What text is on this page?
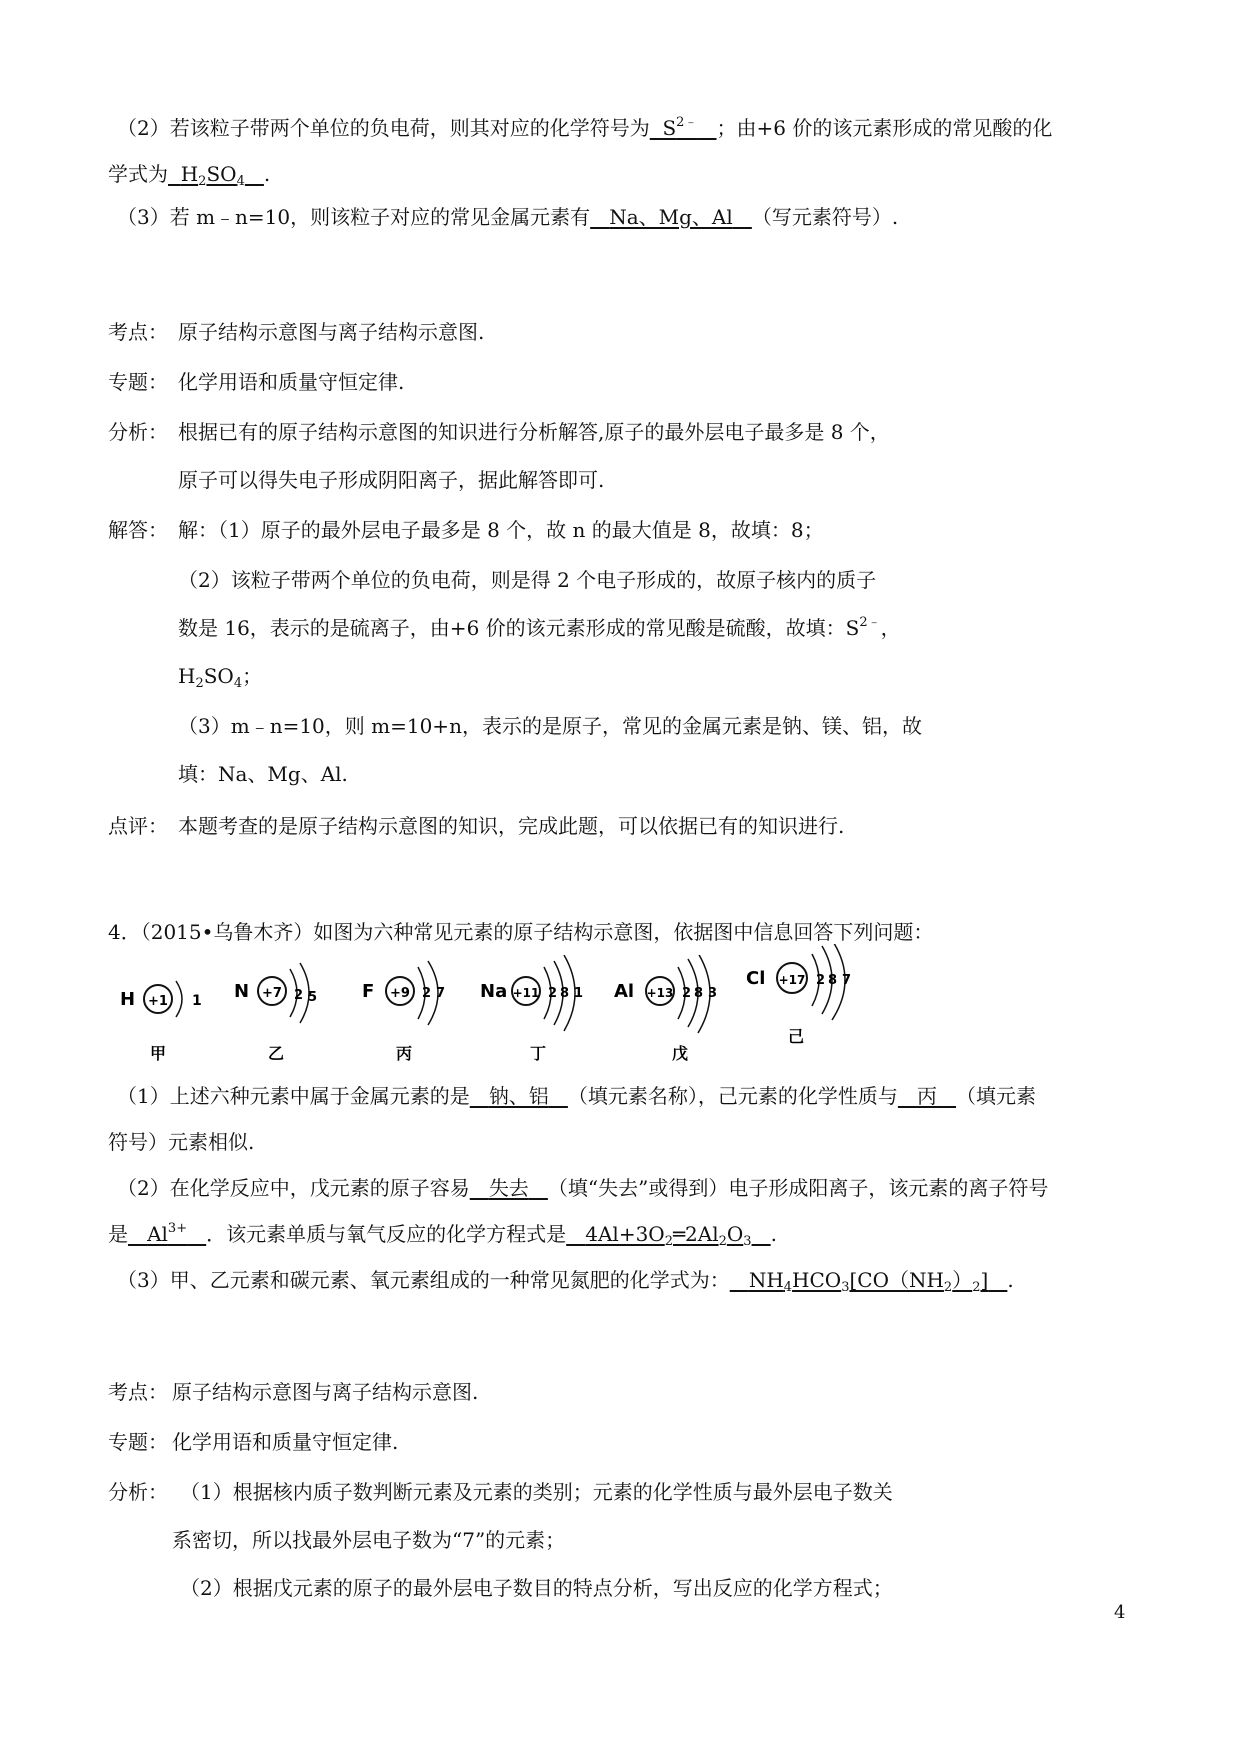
（2）若该粒子带两个单位的负电荷，则其对应的化学符号为 $S^{2﹣}$ ；由+6 价的该元素形成的常见酸的化
学式为 $H_2SO_4$ .
（3）若 m﹣n=10，则该粒子对应的常见金属元素有 Na、Mg、Al （写元素符号）.
考点： 原子结构示意图与离子结构示意图.
专题： 化学用语和质量守恒定律.
分析： 根据已有的原子结构示意图的知识进行分析解答,原子的最外层电子最多是 8 个，
原子可以得失电子形成阴阳离子，据此解答即可.
解答： 解：（1）原子的最外层电子最多是 8 个，故 n 的最大值是 8，故填：8；
（2）该粒子带两个单位的负电荷，则是得 2 个电子形成的，故原子核内的质子
数是 16，表示的是硫离子，由+6 价的该元素形成的常见酸是硫酸，故填：$S^{2﹣}$，
$H_2SO_4$；
（3）m﹣n=10，则 m=10+n，表示的是原子，常见的金属元素是钠、镁、铝，故
填：Na、Mg、Al.
点评： 本题考查的是原子结构示意图的知识，完成此题，可以依据已有的知识进行.
4．（2015•乌鲁木齐）如图为六种常见元素的原子结构示意图，依据图中信息回答下列问题：
H +1 1
甲
N +7 2 5
乙
F +9 2 7
丙
Na +11 2 8 1
丁
Al +13 2 8 3
戊
Cl +17 2 8 7
己
（1）上述六种元素中属于金属元素的是 钠、铝 （填元素名称），己元素的化学性质与 丙 （填元素
符号）元素相似.
（2）在化学反应中，戊元素的原子容易 失去 （填“失去”或得到）电子形成阳离子，该元素的离子符号
是 $Al^{3+}$ ．该元素单质与氧气反应的化学方程式是 $4Al+3O_2═2Al_2O_3$ .
（3）甲、乙元素和碳元素、氧元素组成的一种常见氮肥的化学式为： $NH_4HCO_3[CO(NH_2)_2]$ .
考点： 原子结构示意图与离子结构示意图.
专题： 化学用语和质量守恒定律.
分析： （1）根据核内质子数判断元素及元素的类别；元素的化学性质与最外层电子数关
系密切，所以找最外层电子数为“7”的元素；
（2）根据戊元素的原子的最外层电子数目的特点分析，写出反应的化学方程式；
4
